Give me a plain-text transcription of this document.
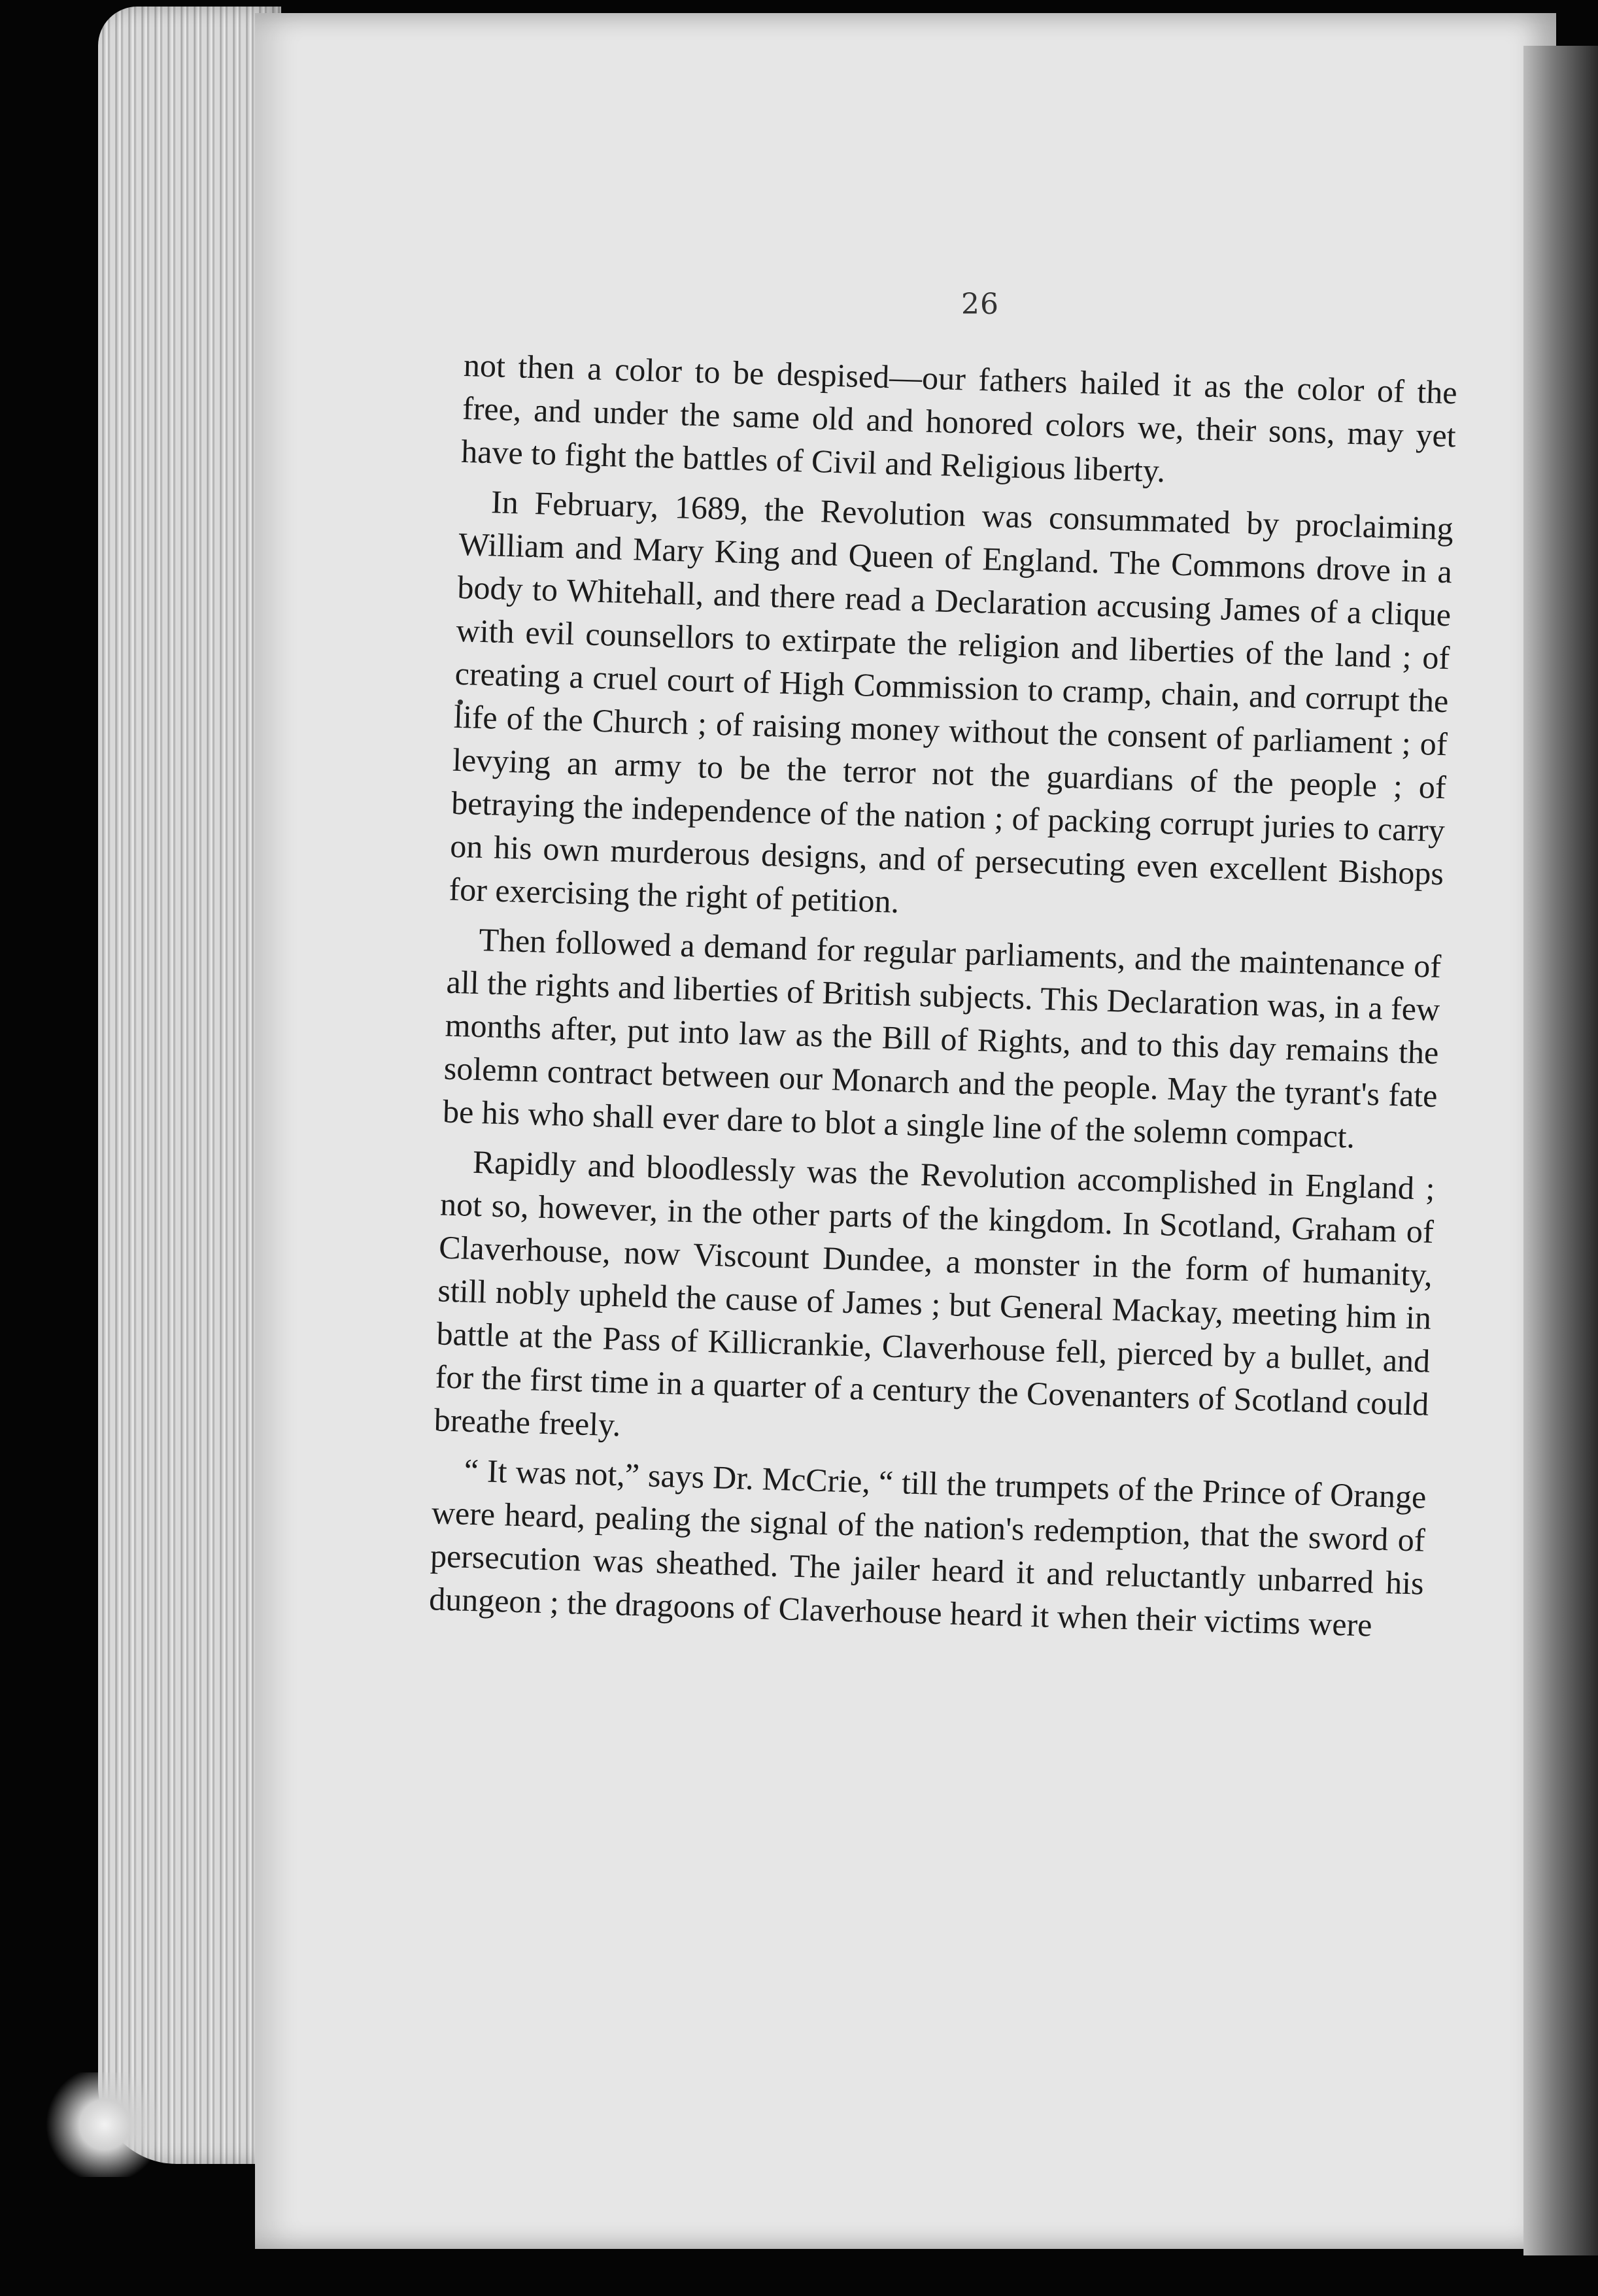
26

not then a color to be despised—our fathers hailed it as the color of the free, and under the same old and honored colors we, their sons, may yet have to fight the battles of Civil and Religious liberty.

In February, 1689, the Revolution was consummated by proclaiming William and Mary King and Queen of England. The Commons drove in a body to Whitehall, and there read a Declaration accusing James of a clique with evil counsellors to extirpate the religion and liberties of the land ; of creating a cruel court of High Commission to cramp, chain, and corrupt the life of the Church ; of raising money without the consent of parliament ; of levying an army to be the terror not the guardians of the people ; of betraying the independence of the nation ; of packing corrupt juries to carry on his own murderous designs, and of persecuting even excellent Bishops for exercising the right of petition.

Then followed a demand for regular parliaments, and the maintenance of all the rights and liberties of British subjects. This Declaration was, in a few months after, put into law as the Bill of Rights, and to this day remains the solemn contract between our Monarch and the people. May the tyrant's fate be his who shall ever dare to blot a single line of the solemn compact.

Rapidly and bloodlessly was the Revolution accomplished in England ; not so, however, in the other parts of the kingdom. In Scotland, Graham of Claverhouse, now Viscount Dundee, a monster in the form of humanity, still nobly upheld the cause of James ; but General Mackay, meeting him in battle at the Pass of Killicrankie, Claverhouse fell, pierced by a bullet, and for the first time in a quarter of a century the Covenanters of Scotland could breathe freely.

“ It was not,” says Dr. McCrie, “ till the trumpets of the Prince of Orange were heard, pealing the signal of the nation's redemption, that the sword of persecution was sheathed. The jailer heard it and reluctantly unbarred his dungeon ; the dragoons of Claverhouse heard it when their victims were
